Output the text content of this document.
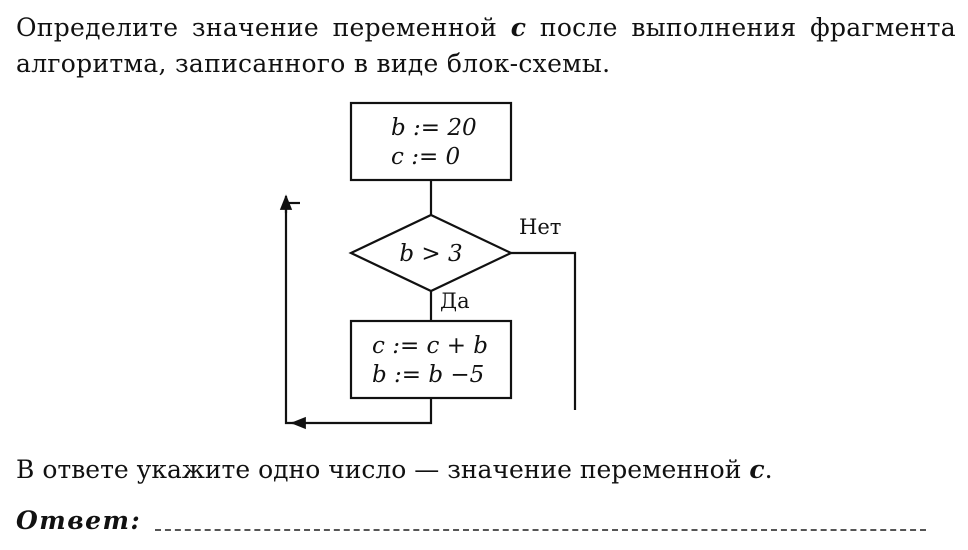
Определите значение переменной c после выполнения фрагмента алгоритма, записанного в виде блок-схемы.
b := 20
c := 0
b > 3
Да
c := c + b
b := b −5
Нет
В ответе укажите одно число — значение переменной c.
Ответ:
